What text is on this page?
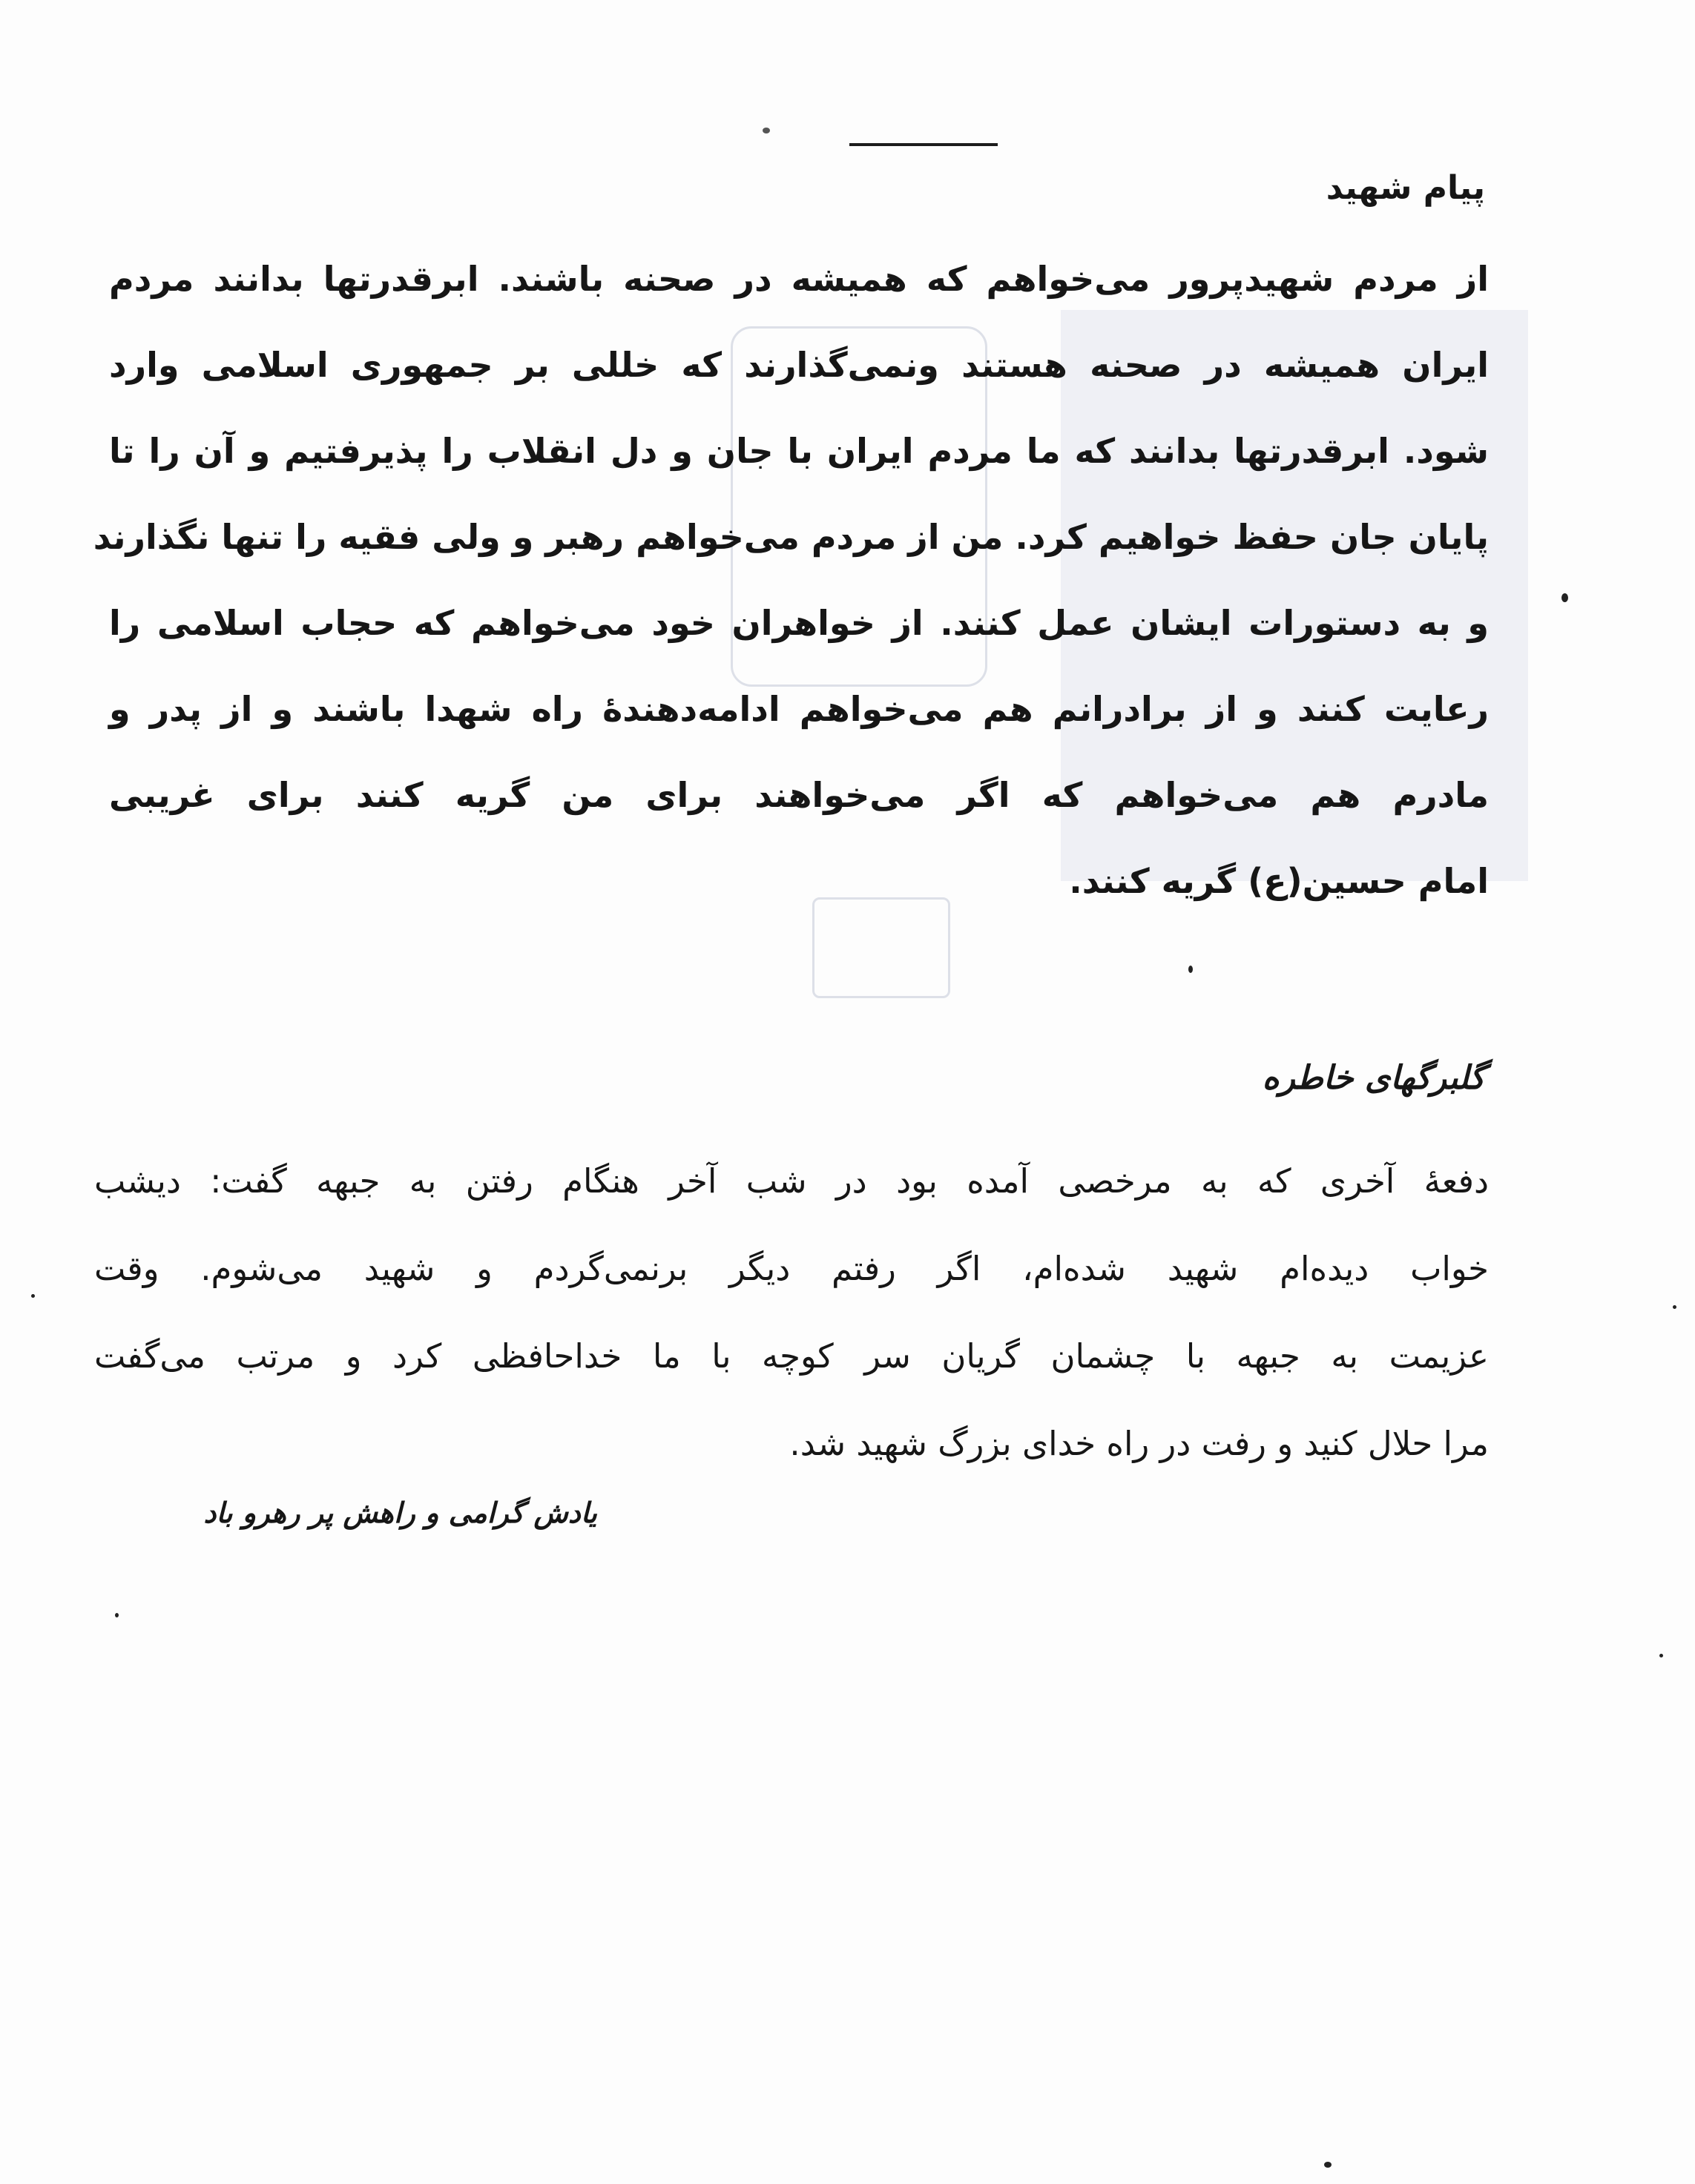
پیام شهید

از مردم شهیدپرور می‌خواهم که همیشه در صحنه باشند. ابرقدرتها بدانند مردم
ایران همیشه در صحنه هستند ونمی‌گذارند که خللی بر جمهوری اسلامی وارد
شود. ابرقدرتها بدانند که ما مردم ایران با جان و دل انقلاب را پذیرفتیم و آن را تا
پایان جان حفظ خواهیم کرد. من از مردم می‌خواهم رهبر و ولی فقیه را تنها نگذارند
و به دستورات ایشان عمل کنند. از خواهران خود می‌خواهم که حجاب اسلامی را
رعایت کنند و از برادرانم هم می‌خواهم ادامه‌دهندهٔ راه شهدا باشند و از پدر و
مادرم هم می‌خواهم که اگر می‌خواهند برای من گریه کنند برای غریبی
امام حسین(ع) گریه کنند.

گلبرگهای خاطره

دفعهٔ آخری که به مرخصی آمده بود در شب آخر هنگام رفتن به جبهه گفت: دیشب
خواب دیده‌ام شهید شده‌ام، اگر رفتم دیگر برنمی‌گردم و شهید می‌شوم. وقت
عزیمت به جبهه با چشمان گریان سر کوچه با ما خداحافظی کرد و مرتب می‌گفت
مرا حلال کنید و رفت در راه خدای بزرگ شهید شد.

یادش گرامی و راهش پر رهرو باد
